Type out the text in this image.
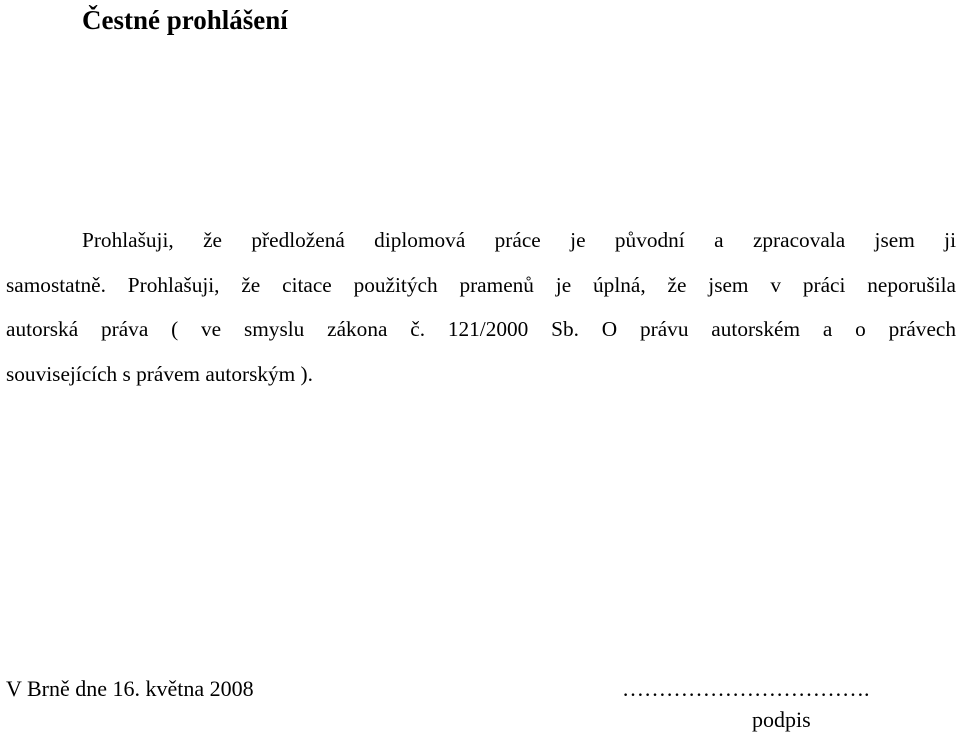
Čestné prohlášení

Prohlašuji, že předložená diplomová práce je původní a zpracovala jsem ji
samostatně. Prohlašuji, že citace použitých pramenů je úplná, že jsem v práci neporušila
autorská práva ( ve smyslu zákona č. 121/2000 Sb. O právu autorském a o právech
souvisejících s právem autorským ).

V Brně dne 16. května 2008	…………………………….
podpis
